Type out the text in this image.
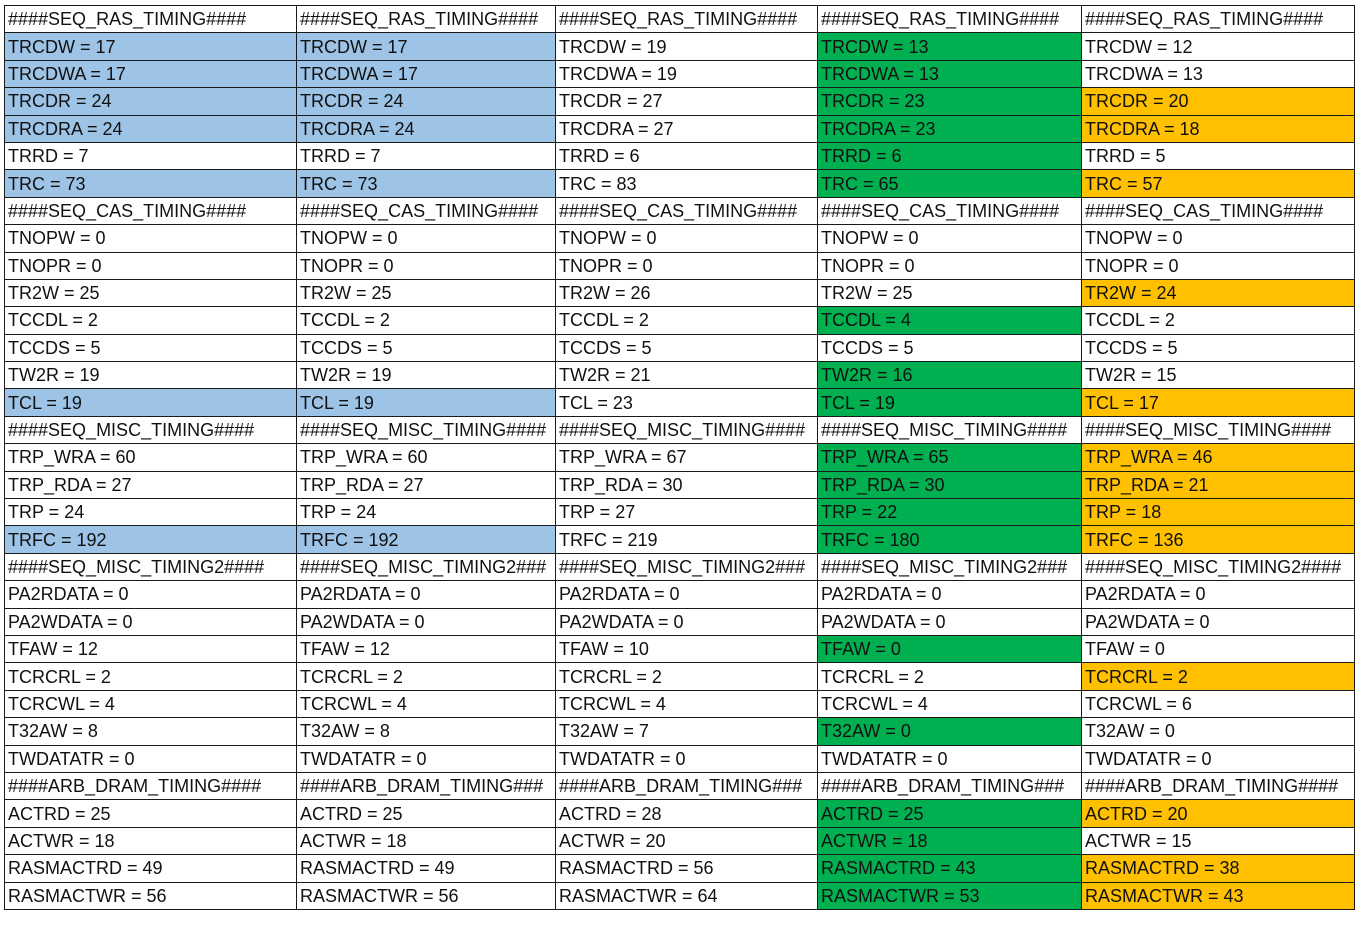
####SEQ_RAS_TIMING####	####SEQ_RAS_TIMING####	####SEQ_RAS_TIMING####	####SEQ_RAS_TIMING####	####SEQ_RAS_TIMING####
TRCDW = 17	TRCDW = 17	TRCDW = 19	TRCDW = 13	TRCDW = 12
TRCDWA = 17	TRCDWA = 17	TRCDWA = 19	TRCDWA = 13	TRCDWA = 13
TRCDR = 24	TRCDR = 24	TRCDR = 27	TRCDR = 23	TRCDR = 20
TRCDRA = 24	TRCDRA = 24	TRCDRA = 27	TRCDRA = 23	TRCDRA = 18
TRRD = 7	TRRD = 7	TRRD = 6	TRRD = 6	TRRD = 5
TRC = 73	TRC = 73	TRC = 83	TRC = 65	TRC = 57
####SEQ_CAS_TIMING####	####SEQ_CAS_TIMING####	####SEQ_CAS_TIMING####	####SEQ_CAS_TIMING####	####SEQ_CAS_TIMING####
TNOPW = 0	TNOPW = 0	TNOPW = 0	TNOPW = 0	TNOPW = 0
TNOPR = 0	TNOPR = 0	TNOPR = 0	TNOPR = 0	TNOPR = 0
TR2W = 25	TR2W = 25	TR2W = 26	TR2W = 25	TR2W = 24
TCCDL = 2	TCCDL = 2	TCCDL = 2	TCCDL = 4	TCCDL = 2
TCCDS = 5	TCCDS = 5	TCCDS = 5	TCCDS = 5	TCCDS = 5
TW2R = 19	TW2R = 19	TW2R = 21	TW2R = 16	TW2R = 15
TCL = 19	TCL = 19	TCL = 23	TCL = 19	TCL = 17
####SEQ_MISC_TIMING####	####SEQ_MISC_TIMING####	####SEQ_MISC_TIMING####	####SEQ_MISC_TIMING####	####SEQ_MISC_TIMING####
TRP_WRA = 60	TRP_WRA = 60	TRP_WRA = 67	TRP_WRA = 65	TRP_WRA = 46
TRP_RDA = 27	TRP_RDA = 27	TRP_RDA = 30	TRP_RDA = 30	TRP_RDA = 21
TRP = 24	TRP = 24	TRP = 27	TRP = 22	TRP = 18
TRFC = 192	TRFC = 192	TRFC = 219	TRFC = 180	TRFC = 136
####SEQ_MISC_TIMING2####	####SEQ_MISC_TIMING2###	####SEQ_MISC_TIMING2###	####SEQ_MISC_TIMING2###	####SEQ_MISC_TIMING2####
PA2RDATA = 0	PA2RDATA = 0	PA2RDATA = 0	PA2RDATA = 0	PA2RDATA = 0
PA2WDATA = 0	PA2WDATA = 0	PA2WDATA = 0	PA2WDATA = 0	PA2WDATA = 0
TFAW = 12	TFAW = 12	TFAW = 10	TFAW = 0	TFAW = 0
TCRCRL = 2	TCRCRL = 2	TCRCRL = 2	TCRCRL = 2	TCRCRL = 2
TCRCWL = 4	TCRCWL = 4	TCRCWL = 4	TCRCWL = 4	TCRCWL = 6
T32AW = 8	T32AW = 8	T32AW = 7	T32AW = 0	T32AW = 0
TWDATATR = 0	TWDATATR = 0	TWDATATR = 0	TWDATATR = 0	TWDATATR = 0
####ARB_DRAM_TIMING####	####ARB_DRAM_TIMING###	####ARB_DRAM_TIMING###	####ARB_DRAM_TIMING###	####ARB_DRAM_TIMING####
ACTRD = 25	ACTRD = 25	ACTRD = 28	ACTRD = 25	ACTRD = 20
ACTWR = 18	ACTWR = 18	ACTWR = 20	ACTWR = 18	ACTWR = 15
RASMACTRD = 49	RASMACTRD = 49	RASMACTRD = 56	RASMACTRD = 43	RASMACTRD = 38
RASMACTWR = 56	RASMACTWR = 56	RASMACTWR = 64	RASMACTWR = 53	RASMACTWR = 43
